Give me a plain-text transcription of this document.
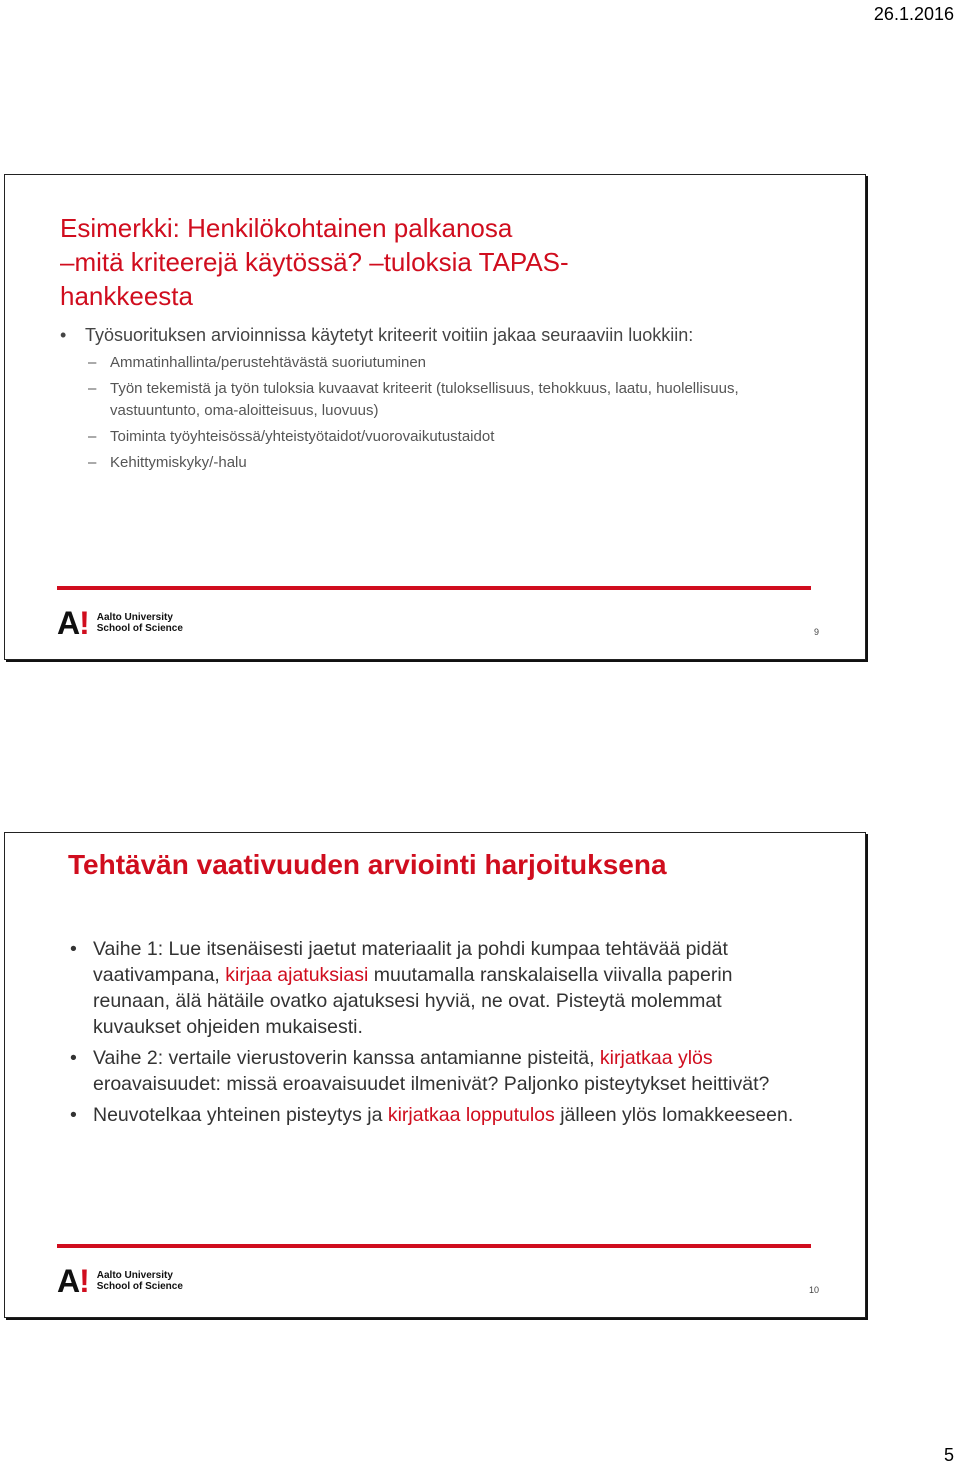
26.1.2016
Esimerkki: Henkilökohtainen palkanosa
–mitä kriteerejä käytössä? –tuloksia TAPAS-
hankkeesta
• Työsuorituksen arvioinnissa käytetyt kriteerit voitiin jakaa seuraaviin luokkiin:
– Ammatinhallinta/perustehtävästä suoriutuminen
– Työn tekemistä ja työn tuloksia kuvaavat kriteerit (tuloksellisuus, tehokkuus, laatu, huolellisuus, vastuuntunto, oma-aloitteisuus, luovuus)
– Toiminta työyhteisössä/yhteistyötaidot/vuorovaikutustaidot
– Kehittymiskyky/-halu
A! Aalto University
School of Science	9
Tehtävän vaativuuden arviointi harjoituksena
• Vaihe 1: Lue itsenäisesti jaetut materiaalit ja pohdi kumpaa tehtävää pidät vaativampana, kirjaa ajatuksiasi muutamalla ranskalaisella viivalla paperin reunaan, älä hätäile ovatko ajatuksesi hyviä, ne ovat. Pisteytä molemmat kuvaukset ohjeiden mukaisesti.
• Vaihe 2: vertaile vierustoverin kanssa antamianne pisteitä, kirjatkaa ylös eroavaisuudet: missä eroavaisuudet ilmenivät? Paljonko pisteytykset heittivät?
• Neuvotelkaa yhteinen pisteytys ja kirjatkaa lopputulos jälleen ylös lomakkeeseen.
A! Aalto University
School of Science	10
5
